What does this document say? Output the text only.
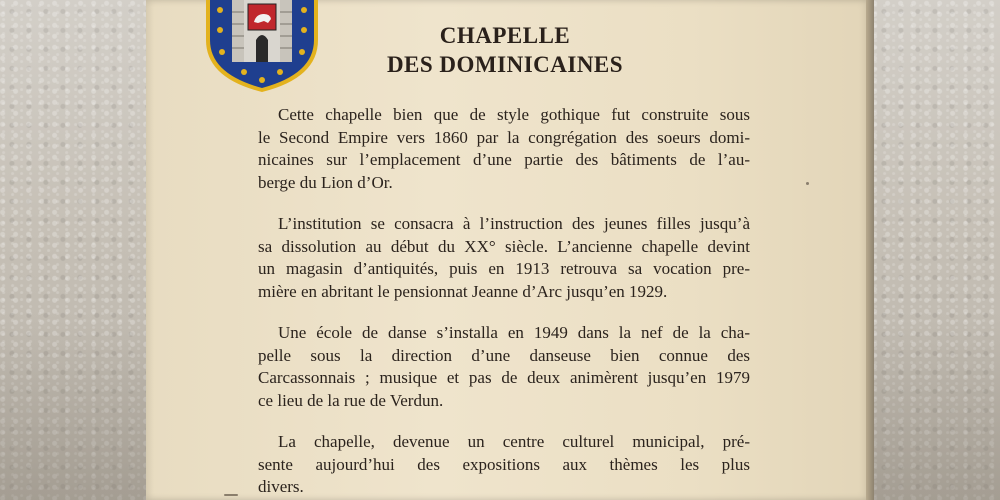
CHAPELLE
DES DOMINICAINES
Cette chapelle bien que de style gothique fut construite sous
le Second Empire vers 1860 par la congrégation des soeurs domi-
nicaines sur l’emplacement d’une partie des bâtiments de l’au-
berge du Lion d’Or.
L’institution se consacra à l’instruction des jeunes filles jusqu’à
sa dissolution au début du XX° siècle. L’ancienne chapelle devint
un magasin d’antiquités, puis en 1913 retrouva sa vocation pre-
mière en abritant le pensionnat Jeanne d’Arc jusqu’en 1929.
Une école de danse s’installa en 1949 dans la nef de la cha-
pelle sous la direction d’une danseuse bien connue des
Carcassonnais ; musique et pas de deux animèrent jusqu’en 1979
ce lieu de la rue de Verdun.
La chapelle, devenue un centre culturel municipal, pré-
sente aujourd’hui des expositions aux thèmes les plus
divers.
